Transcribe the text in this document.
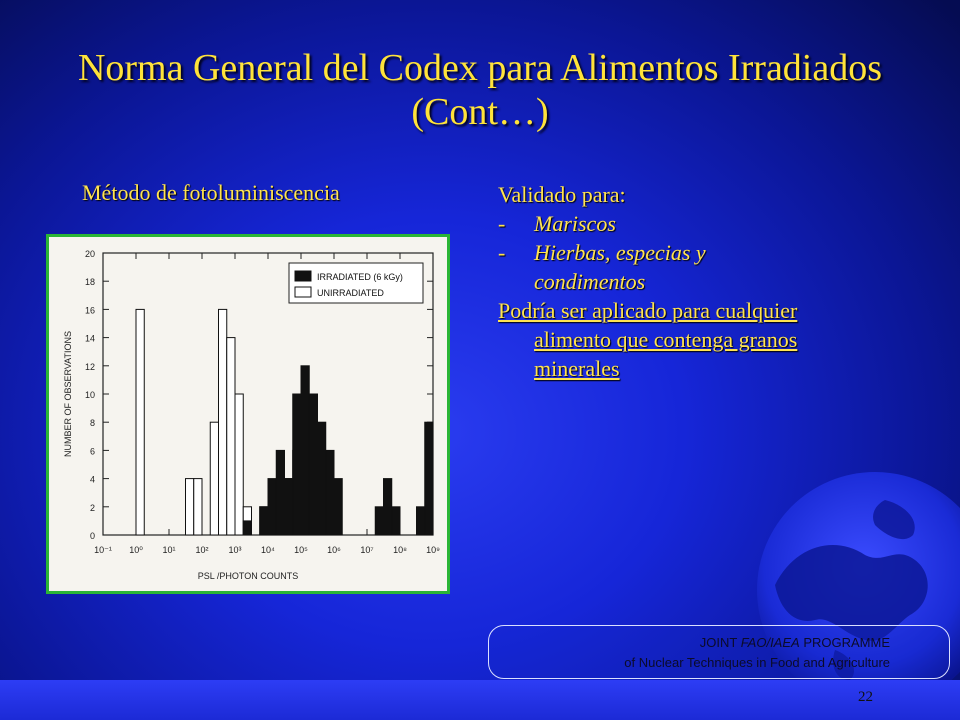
Norma General del Codex para Alimentos Irradiados
(Cont…)
Método de fotoluminiscencia
0
2
4
6
8
10
12
14
16
18
20
10⁻¹ 10⁰ 10¹ 10² 10³ 10⁴ 10⁵ 10⁶ 10⁷ 10⁸ 10⁹
PSL /PHOTON COUNTS
NUMBER OF OBSERVATIONS
IRRADIATED (6 kGy)
UNIRRADIATED
Validado para:
- Mariscos
- Hierbas, especias y
condimentos
Podría ser aplicado para cualquier
alimento que contenga granos
minerales
JOINT FAO/IAEA PROGRAMME
of Nuclear Techniques in Food and Agriculture
22
